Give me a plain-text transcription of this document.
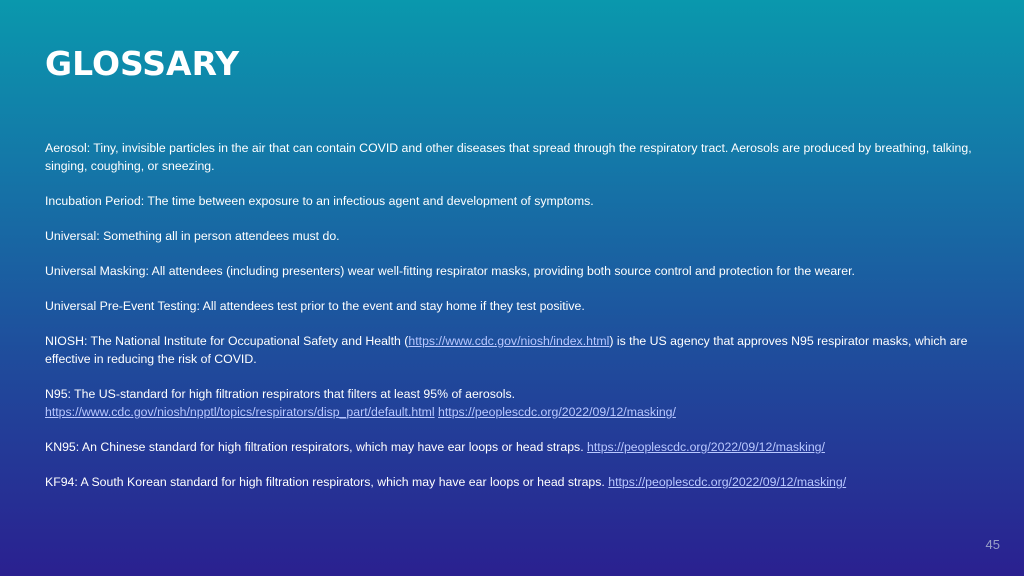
GLOSSARY

Aerosol: Tiny, invisible particles in the air that can contain COVID and other diseases that spread through the respiratory tract. Aerosols are produced by breathing, talking, singing, coughing, or sneezing.

Incubation Period: The time between exposure to an infectious agent and development of symptoms.

Universal: Something all in person attendees must do.

Universal Masking: All attendees (including presenters) wear well-fitting respirator masks, providing both source control and protection for the wearer.

Universal Pre-Event Testing: All attendees test prior to the event and stay home if they test positive.

NIOSH: The National Institute for Occupational Safety and Health (https://www.cdc.gov/niosh/index.html) is the US agency that approves N95 respirator masks, which are effective in reducing the risk of COVID.

N95: The US-standard for high filtration respirators that filters at least 95% of aerosols.
https://www.cdc.gov/niosh/npptl/topics/respirators/disp_part/default.html https://peoplescdc.org/2022/09/12/masking/

KN95: An Chinese standard for high filtration respirators, which may have ear loops or head straps. https://peoplescdc.org/2022/09/12/masking/

KF94: A South Korean standard for high filtration respirators, which may have ear loops or head straps. https://peoplescdc.org/2022/09/12/masking/

45
